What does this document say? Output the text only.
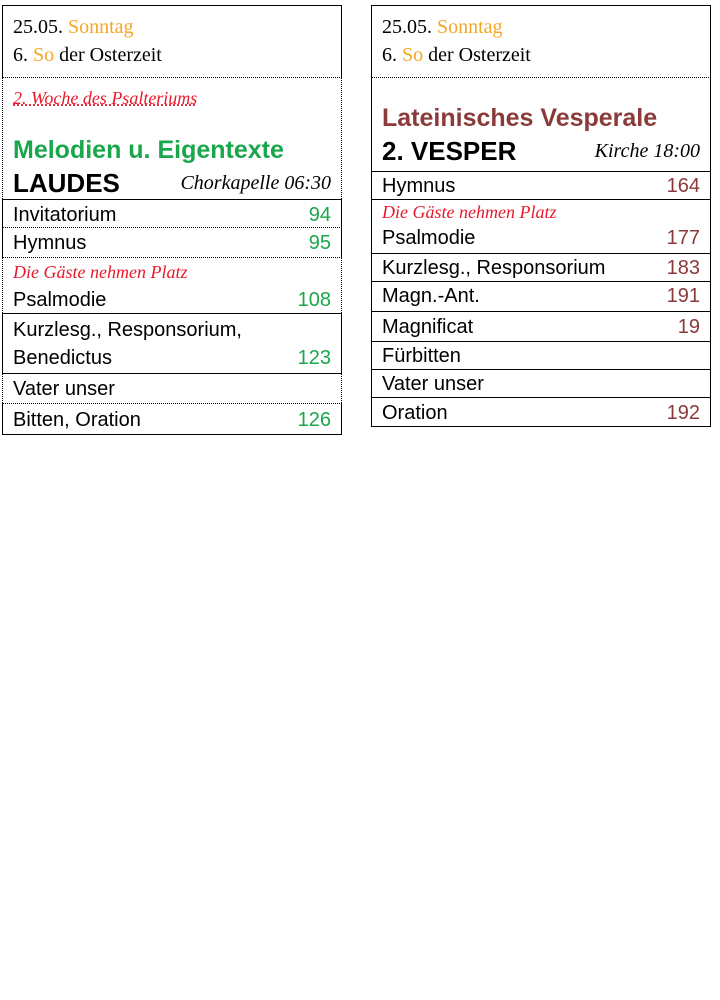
25.05. Sonntag
6. So der Osterzeit
2. Woche des Psalteriums
Melodien u. Eigentexte
LAUDES	Chorkapelle 06:30
Invitatorium	94
Hymnus	95
Die Gäste nehmen Platz
Psalmodie	108
Kurzlesg., Responsorium,
Benedictus	123
Vater unser
Bitten, Oration	126
25.05. Sonntag
6. So der Osterzeit
Lateinisches Vesperale
2. VESPER	Kirche 18:00
Hymnus	164
Die Gäste nehmen Platz
Psalmodie	177
Kurzlesg., Responsorium	183
Magn.-Ant.	191
Magnificat	19
Fürbitten
Vater unser
Oration	192
